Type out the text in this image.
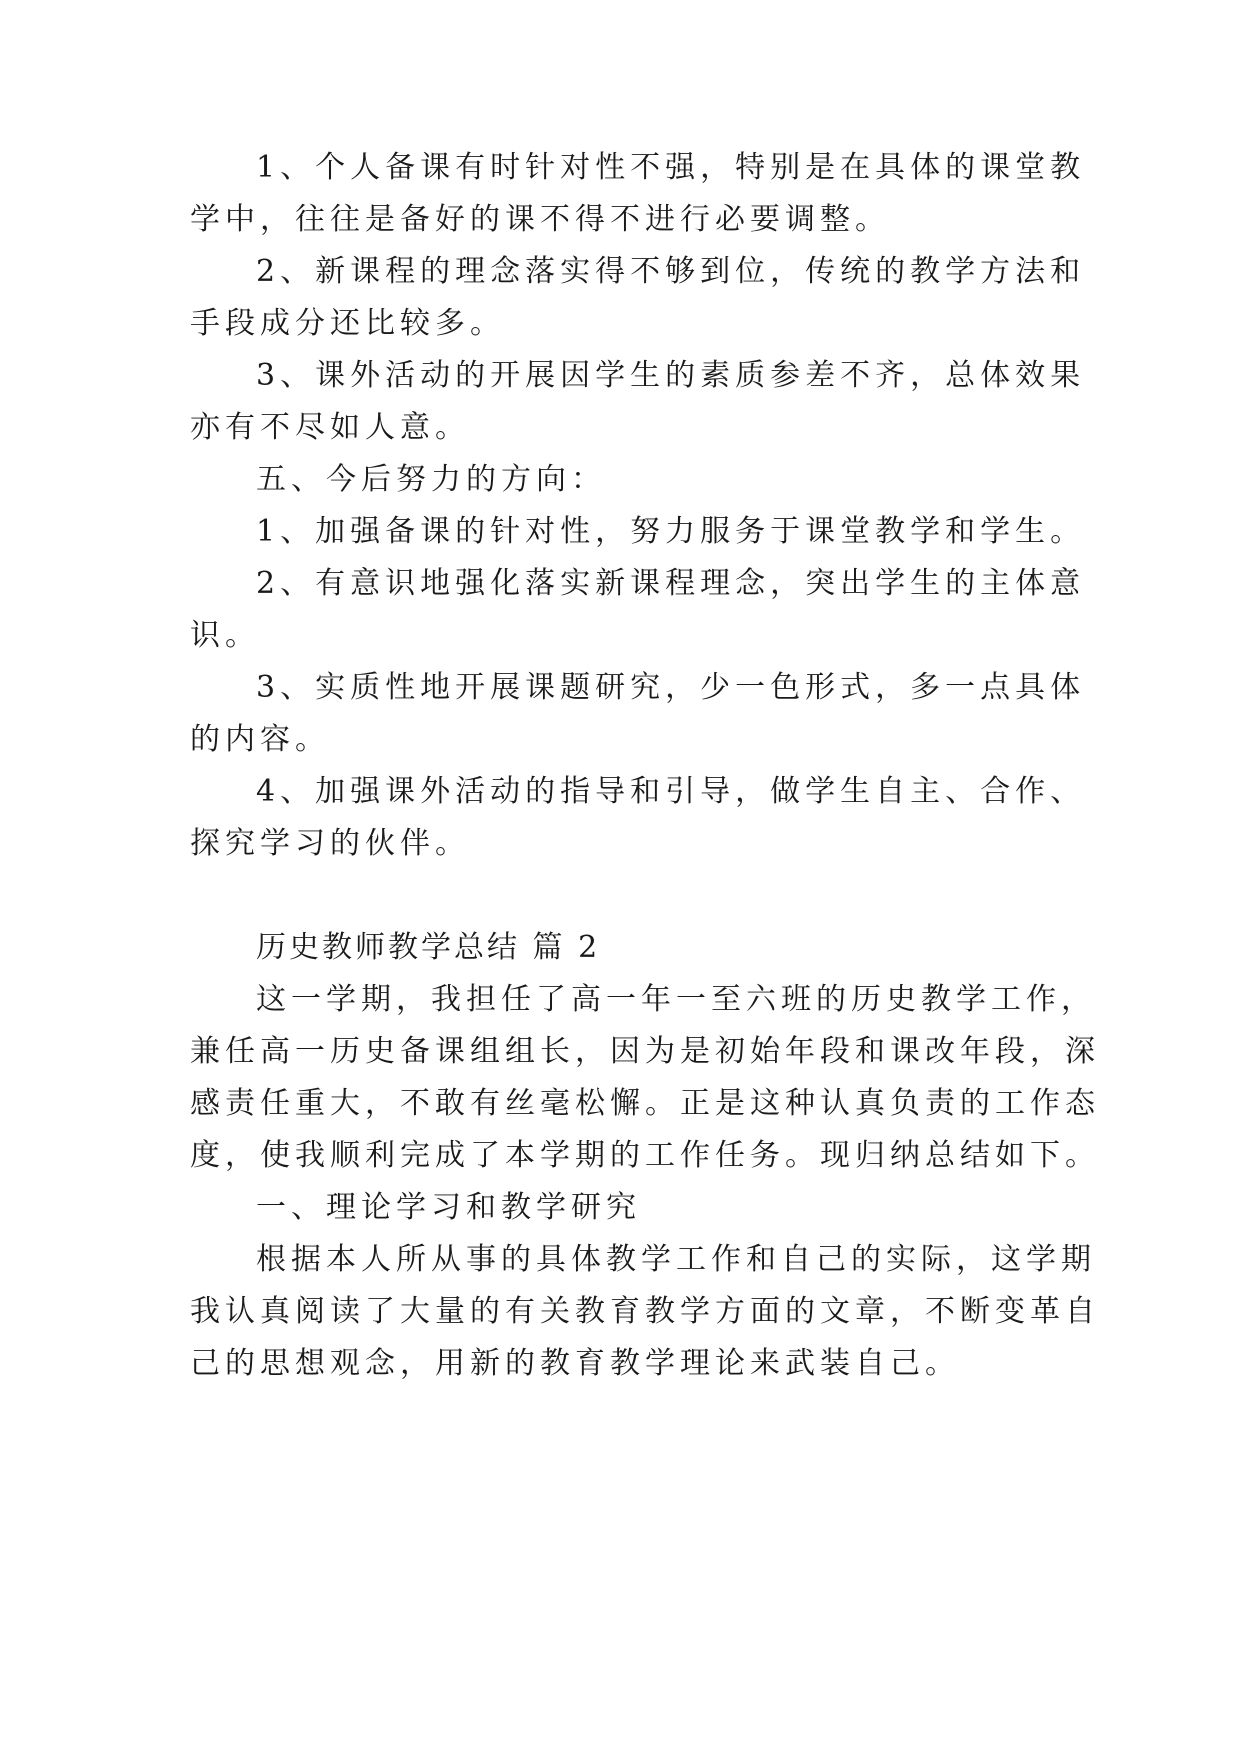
1、个人备课有时针对性不强，特别是在具体的课堂教
学中，往往是备好的课不得不进行必要调整。
2、新课程的理念落实得不够到位，传统的教学方法和
手段成分还比较多。
3、课外活动的开展因学生的素质参差不齐，总体效果
亦有不尽如人意。
五、今后努力的方向：
1、加强备课的针对性，努力服务于课堂教学和学生。
2、有意识地强化落实新课程理念，突出学生的主体意
识。
3、实质性地开展课题研究，少一色形式，多一点具体
的内容。
4、加强课外活动的指导和引导，做学生自主、合作、
探究学习的伙伴。
历史教师教学总结 篇 2
这一学期，我担任了高一年一至六班的历史教学工作，
兼任高一历史备课组组长，因为是初始年段和课改年段，深
感责任重大，不敢有丝毫松懈。正是这种认真负责的工作态
度，使我顺利完成了本学期的工作任务。现归纳总结如下。
一、理论学习和教学研究
根据本人所从事的具体教学工作和自己的实际，这学期
我认真阅读了大量的有关教育教学方面的文章，不断变革自
己的思想观念，用新的教育教学理论来武装自己。
